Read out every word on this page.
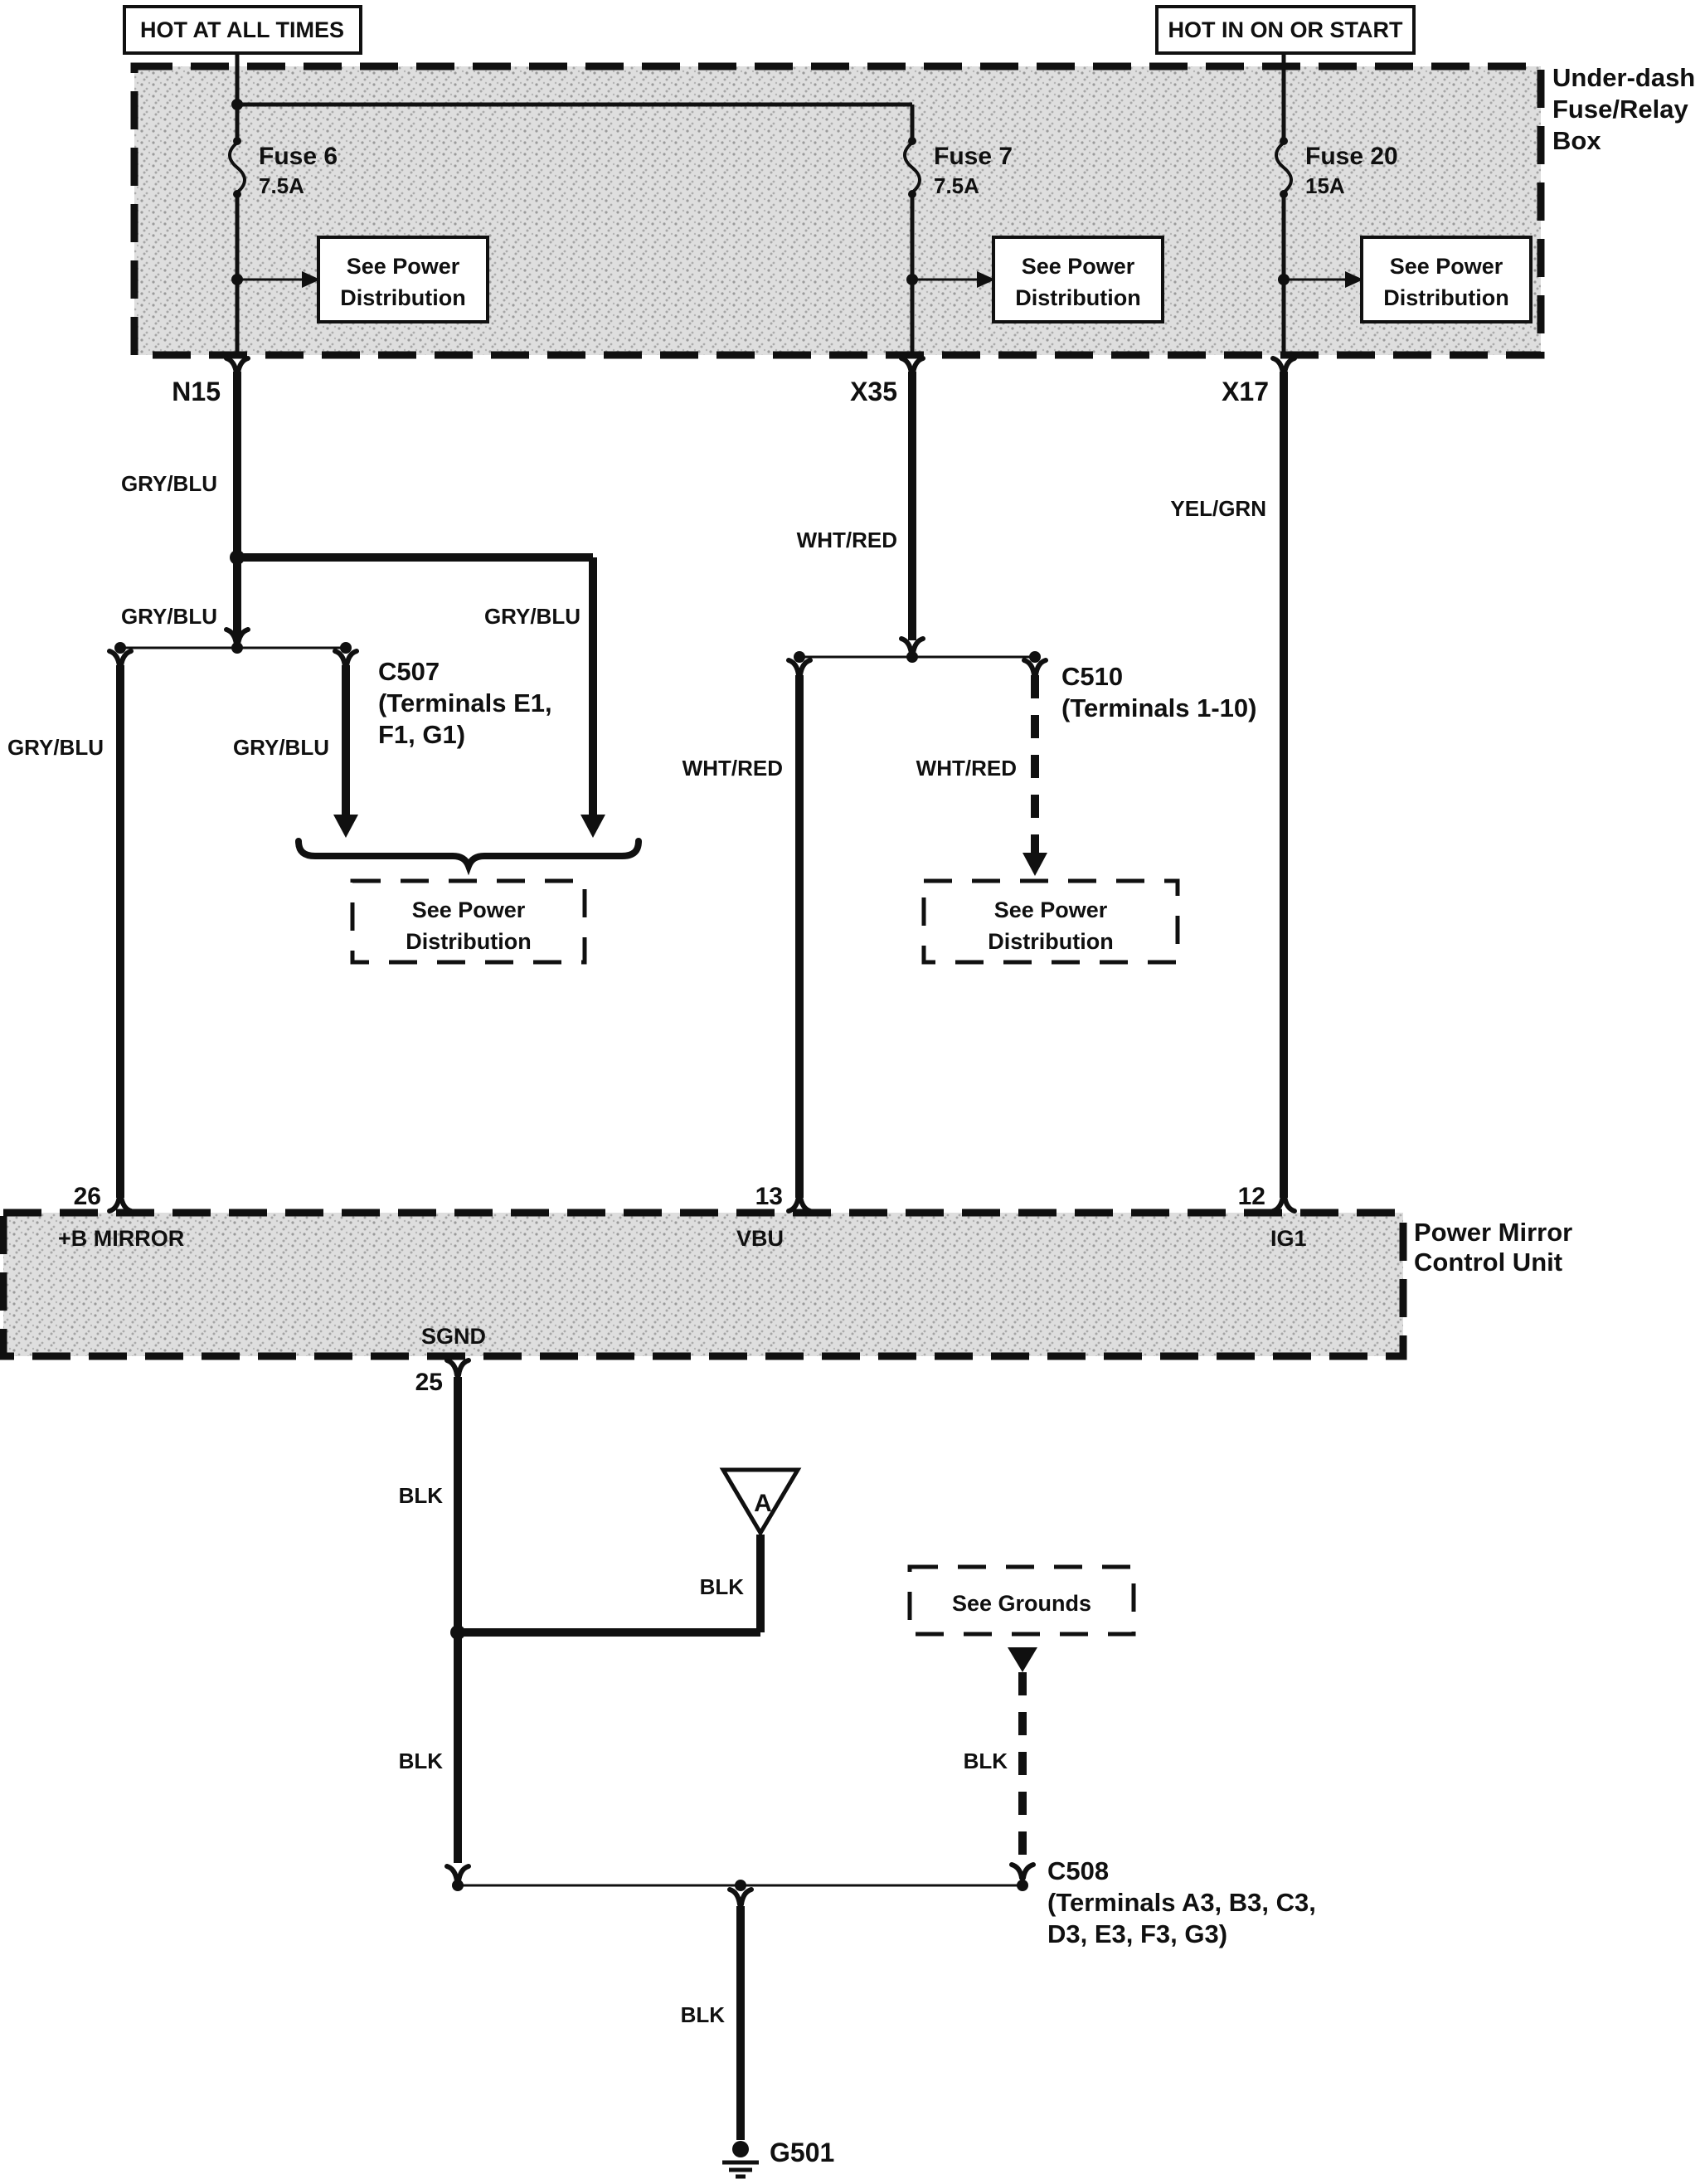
HOT AT ALL TIMES	HOT IN ON OR START
Under-dash
Fuse/Relay
Box
Fuse 6
7.5A
Fuse 7
7.5A
Fuse 20
15A
See Power
Distribution
See Power
Distribution
See Power
Distribution
N15	X35	X17
GRY/BLU
GRY/BLU	GRY/BLU
C507
(Terminals E1,
F1, G1)
GRY/BLU	GRY/BLU
See Power
Distribution
WHT/RED
C510
(Terminals 1-10)
WHT/RED	WHT/RED
See Power
Distribution
YEL/GRN
Power Mirror
Control Unit
+B MIRROR	VBU	IG1
SGND
26	13	12
25
BLK	A
BLK
BLK
See Grounds
BLK
C508
(Terminals A3, B3, C3,
D3, E3, F3, G3)
BLK
G501
